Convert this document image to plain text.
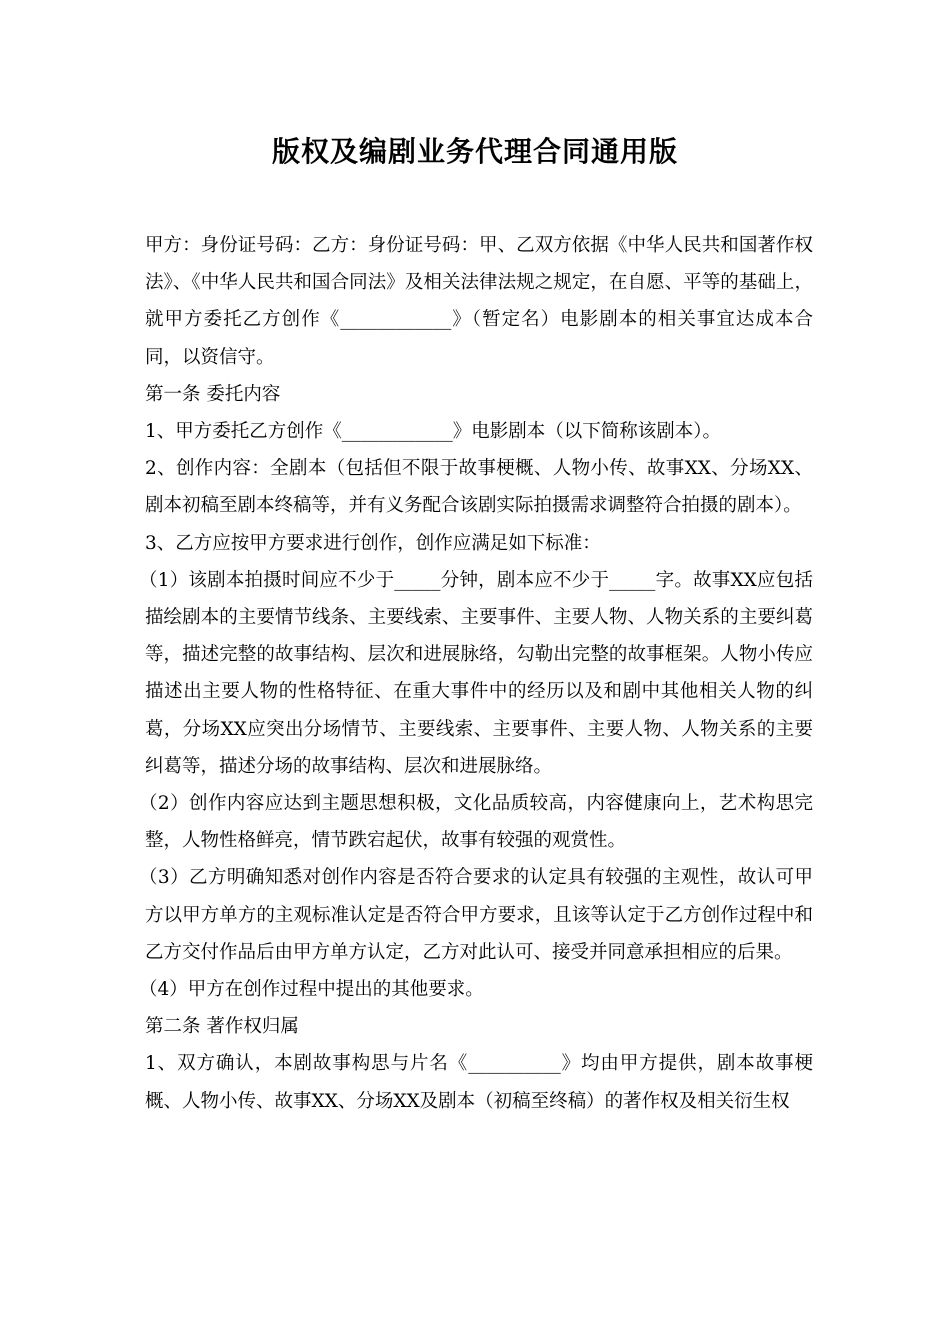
版权及编剧业务代理合同通用版

甲方：身份证号码：乙方：身份证号码：甲、乙双方依据《中华人民共和国著作权法》、《中华人民共和国合同法》及相关法律法规之规定，在自愿、平等的基础上，就甲方委托乙方创作《____________》（暂定名）电影剧本的相关事宜达成本合同，以资信守。

第一条 委托内容

1、甲方委托乙方创作《____________》电影剧本（以下简称该剧本）。

2、创作内容：全剧本（包括但不限于故事梗概、人物小传、故事XX、分场XX、剧本初稿至剧本终稿等，并有义务配合该剧实际拍摄需求调整符合拍摄的剧本）。

3、乙方应按甲方要求进行创作，创作应满足如下标准：

（1）该剧本拍摄时间应不少于_____分钟，剧本应不少于_____字。故事XX应包括描绘剧本的主要情节线条、主要线索、主要事件、主要人物、人物关系的主要纠葛等，描述完整的故事结构、层次和进展脉络，勾勒出完整的故事框架。人物小传应描述出主要人物的性格特征、在重大事件中的经历以及和剧中其他相关人物的纠葛，分场XX应突出分场情节、主要线索、主要事件、主要人物、人物关系的主要纠葛等，描述分场的故事结构、层次和进展脉络。

（2）创作内容应达到主题思想积极，文化品质较高，内容健康向上，艺术构思完整，人物性格鲜亮，情节跌宕起伏，故事有较强的观赏性。

（3）乙方明确知悉对创作内容是否符合要求的认定具有较强的主观性，故认可甲方以甲方单方的主观标准认定是否符合甲方要求，且该等认定于乙方创作过程中和乙方交付作品后由甲方单方认定，乙方对此认可、接受并同意承担相应的后果。

（4）甲方在创作过程中提出的其他要求。

第二条 著作权归属

1、双方确认，本剧故事构思与片名《__________》均由甲方提供，剧本故事梗概、人物小传、故事XX、分场XX及剧本（初稿至终稿）的著作权及相关衍生权
